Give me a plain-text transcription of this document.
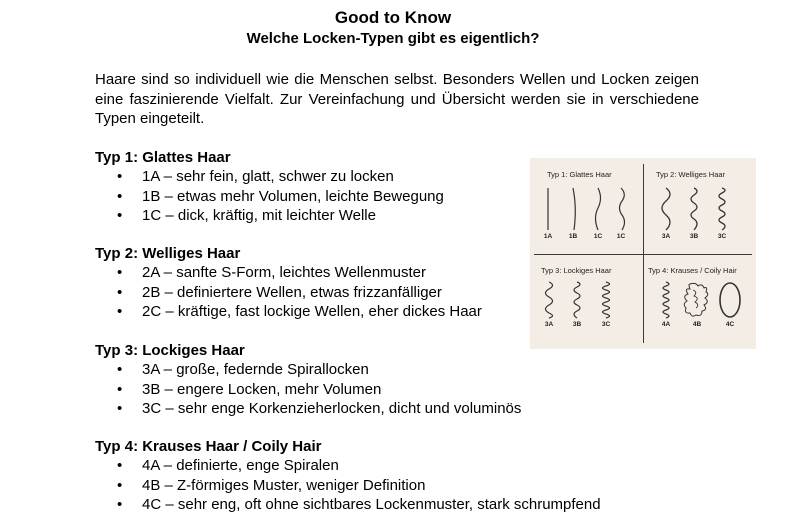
Good to Know
Welche Locken-Typen gibt es eigentlich?

Haare sind so individuell wie die Menschen selbst. Besonders Wellen und Locken zeigen eine faszinierende Vielfalt. Zur Vereinfachung und Übersicht werden sie in verschiedene Typen eingeteilt.

Typ 1: Glattes Haar
• 1A – sehr fein, glatt, schwer zu locken
• 1B – etwas mehr Volumen, leichte Bewegung
• 1C – dick, kräftig, mit leichter Welle
Typ 2: Welliges Haar
• 2A – sanfte S-Form, leichtes Wellenmuster
• 2B – definiertere Wellen, etwas frizzanfälliger
• 2C – kräftige, fast lockige Wellen, eher dickes Haar
Typ 3: Lockiges Haar
• 3A – große, federnde Spirallocken
• 3B – engere Locken, mehr Volumen
• 3C – sehr enge Korkenzieherlocken, dicht und voluminös
Typ 4: Krauses Haar / Coily Hair
• 4A – definierte, enge Spiralen
• 4B – Z-förmiges Muster, weniger Definition
• 4C – sehr eng, oft ohne sichtbares Lockenmuster, stark schrumpfend
Typ 1: Glattes Haar
1A	1B	1C	1C
Typ 2: Welliges Haar
3A	3B	3C
Typ 3: Lockiges Haar
3A	3B	3C
Typ 4: Krauses / Coily Hair
4A	4B	4C
